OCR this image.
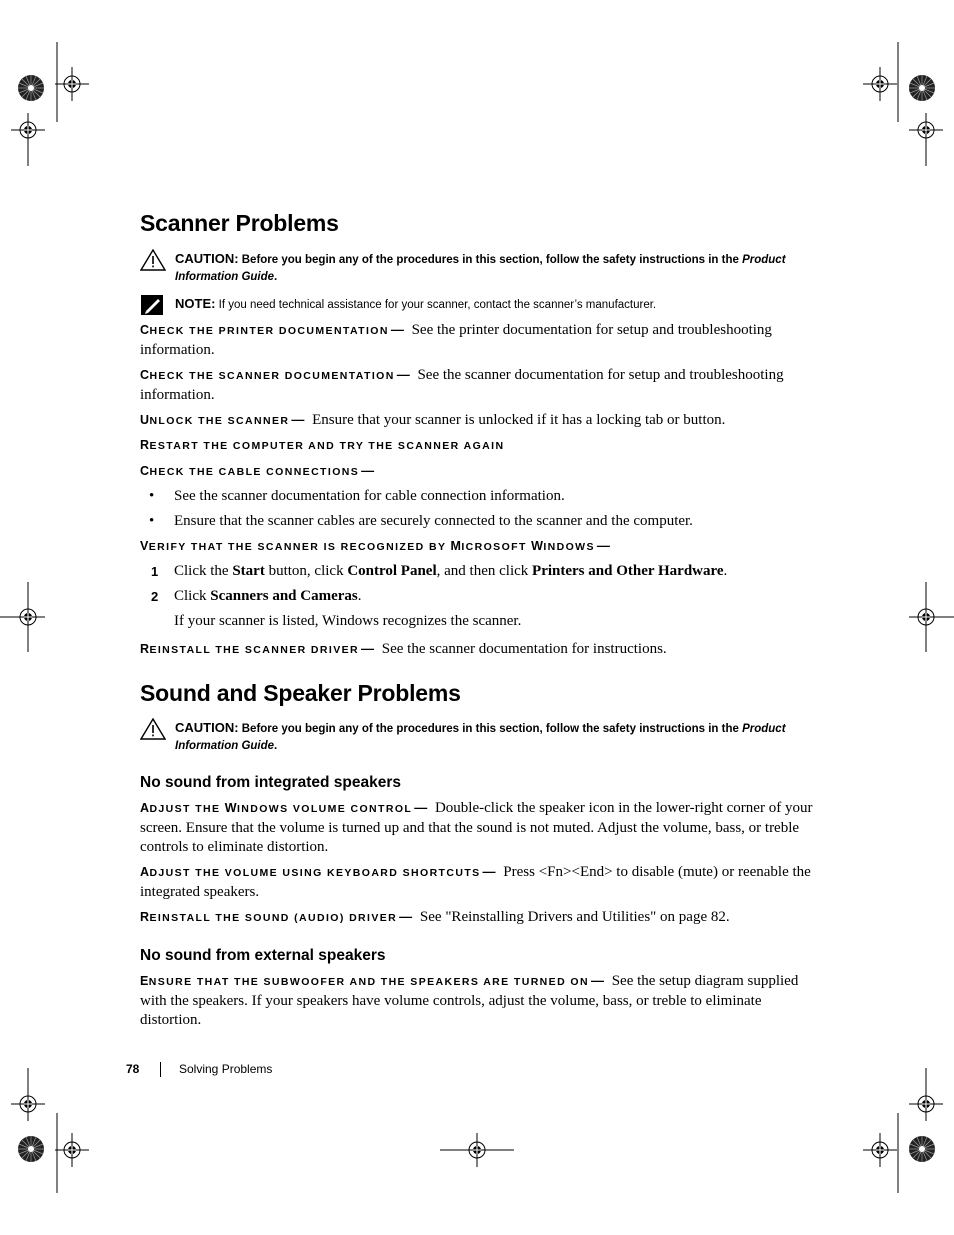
Scanner Problems
CAUTION: Before you begin any of the procedures in this section, follow the safety instructions in the Product Information Guide.
NOTE: If you need technical assistance for your scanner, contact the scanner’s manufacturer.

CHECK THE PRINTER DOCUMENTATION — See the printer documentation for setup and troubleshooting information.

CHECK THE SCANNER DOCUMENTATION — See the scanner documentation for setup and troubleshooting information.

UNLOCK THE SCANNER — Ensure that your scanner is unlocked if it has a locking tab or button.

RESTART THE COMPUTER AND TRY THE SCANNER AGAIN

CHECK THE CABLE CONNECTIONS —

• See the scanner documentation for cable connection information.
• Ensure that the scanner cables are securely connected to the scanner and the computer.

VERIFY THAT THE SCANNER IS RECOGNIZED BY MICROSOFT WINDOWS —

1 Click the Start button, click Control Panel, and then click Printers and Other Hardware.
2 Click Scanners and Cameras.
If your scanner is listed, Windows recognizes the scanner.

REINSTALL THE SCANNER DRIVER — See the scanner documentation for instructions.

Sound and Speaker Problems
CAUTION: Before you begin any of the procedures in this section, follow the safety instructions in the Product Information Guide.
No sound from integrated speakers

ADJUST THE WINDOWS VOLUME CONTROL — Double-click the speaker icon in the lower-right corner of your screen. Ensure that the volume is turned up and that the sound is not muted. Adjust the volume, bass, or treble controls to eliminate distortion.

ADJUST THE VOLUME USING KEYBOARD SHORTCUTS — Press <Fn><End> to disable (mute) or reenable the integrated speakers.

REINSTALL THE SOUND (AUDIO) DRIVER — See "Reinstalling Drivers and Utilities" on page 82.

No sound from external speakers

ENSURE THAT THE SUBWOOFER AND THE SPEAKERS ARE TURNED ON — See the setup diagram supplied with the speakers. If your speakers have volume controls, adjust the volume, bass, or treble to eliminate distortion.

78	Solving Problems
